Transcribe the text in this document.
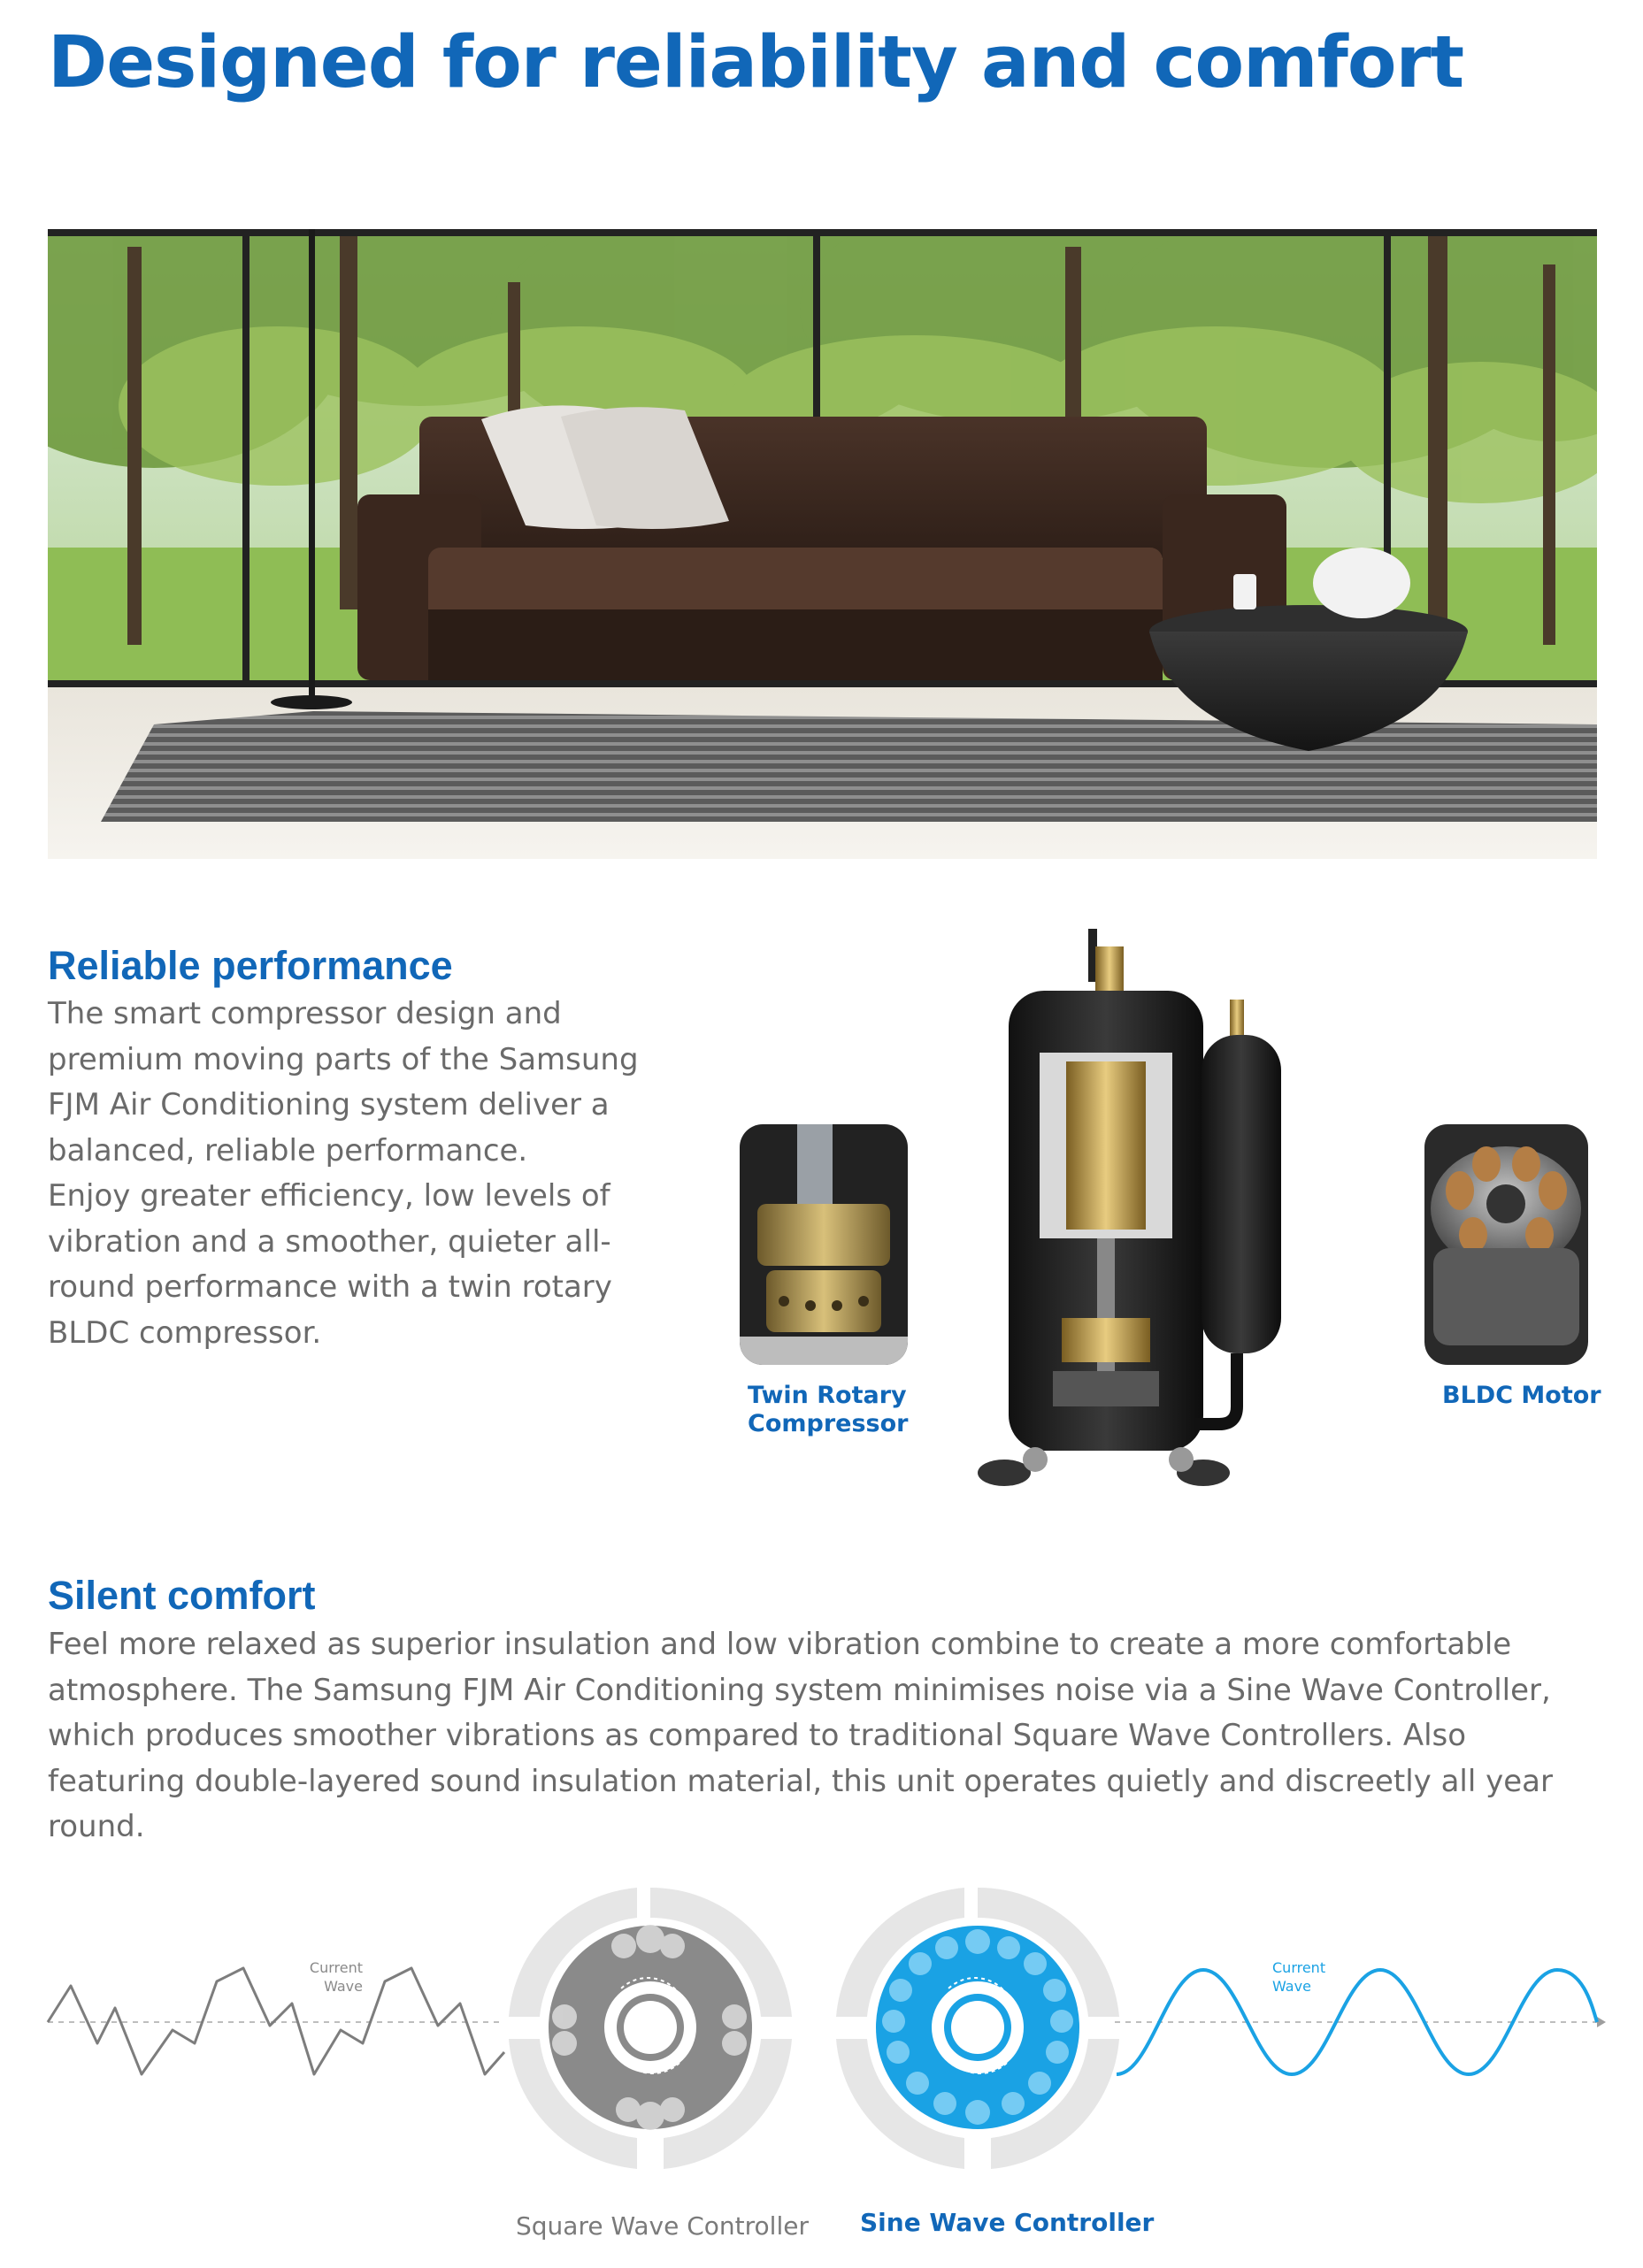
Designed for reliability and comfort
Reliable performance

The smart compressor design and premium moving parts of the Samsung FJM Air Conditioning system deliver a balanced, reliable performance.

Enjoy greater efficiency, low levels of vibration and a smoother, quieter all-round performance with a twin rotary BLDC compressor.

Twin Rotary Compressor
BLDC Motor
Silent comfort

Feel more relaxed as superior insulation and low vibration combine to create a more comfortable atmosphere. The Samsung FJM Air Conditioning system minimises noise via a Sine Wave Controller, which produces smoother vibrations as compared to traditional Square Wave Controllers. Also featuring double-layered sound insulation material, this unit operates quietly and discreetly all year round.

Current
Wave
Current
Wave
Square Wave Controller Sine Wave Controller
